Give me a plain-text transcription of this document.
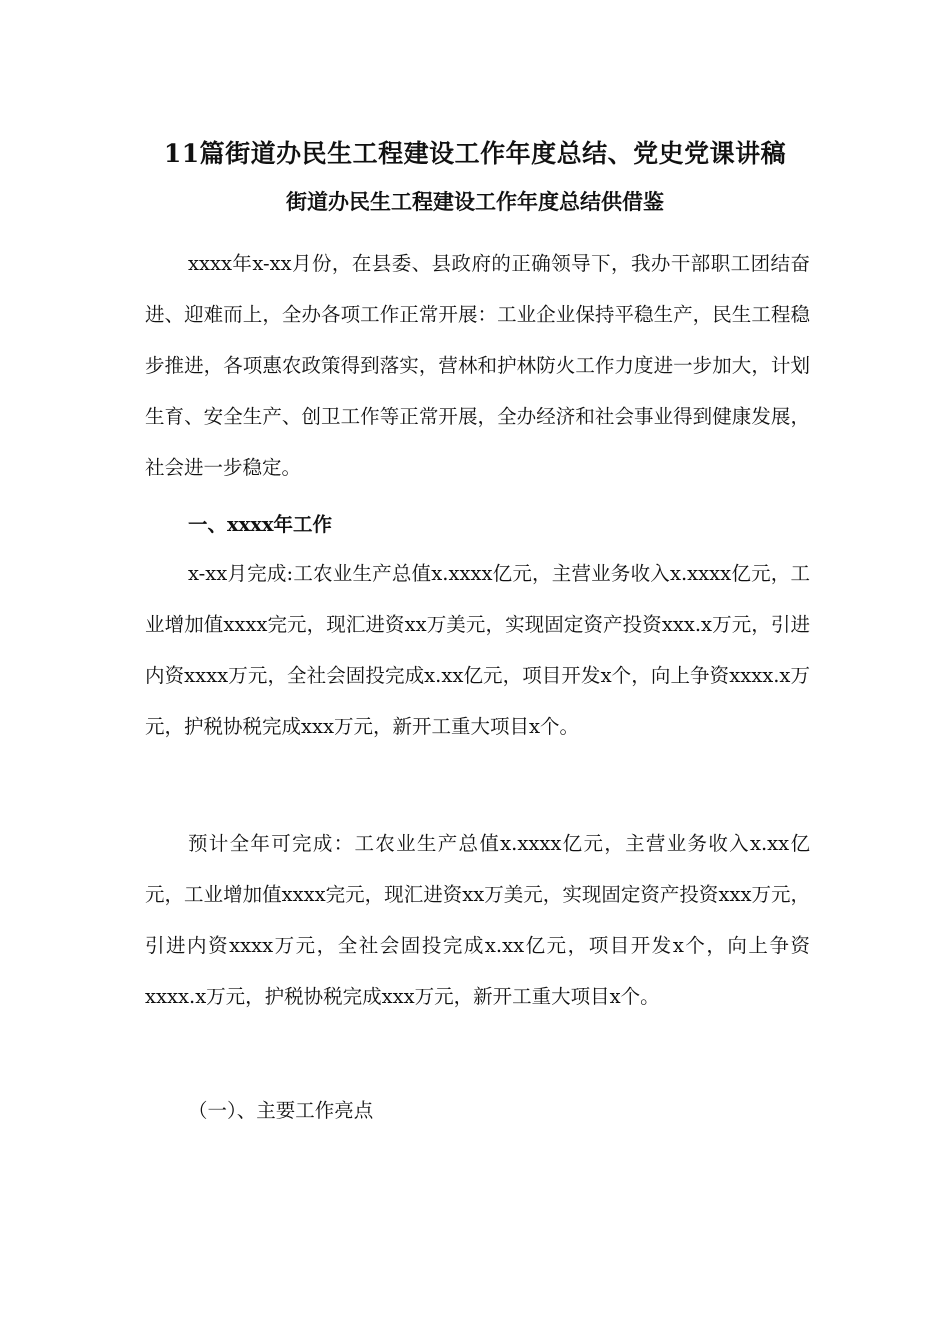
11篇街道办民生工程建设工作年度总结、党史党课讲稿
街道办民生工程建设工作年度总结供借鉴

xxxx年x-xx月份，在县委、县政府的正确领导下，我办干部职工团结奋进、迎难而上，全办各项工作正常开展：工业企业保持平稳生产，民生工程稳步推进，各项惠农政策得到落实，营林和护林防火工作力度进一步加大，计划生育、安全生产、创卫工作等正常开展，全办经济和社会事业得到健康发展，社会进一步稳定。

一、xxxx年工作

x-xx月完成:工农业生产总值x.xxxx亿元，主营业务收入x.xxxx亿元，工业增加值xxxx完元，现汇进资xx万美元，实现固定资产投资xxx.x万元，引进内资xxxx万元，全社会固投完成x.xx亿元，项目开发x个，向上争资xxxx.x万元，护税协税完成xxx万元，新开工重大项目x个。

预计全年可完成：工农业生产总值x.xxxx亿元，主营业务收入x.xx亿元，工业增加值xxxx完元，现汇进资xx万美元，实现固定资产投资xxx万元，引进内资xxxx万元，全社会固投完成x.xx亿元，项目开发x个，向上争资xxxx.x万元，护税协税完成xxx万元，新开工重大项目x个。

（一）、主要工作亮点
